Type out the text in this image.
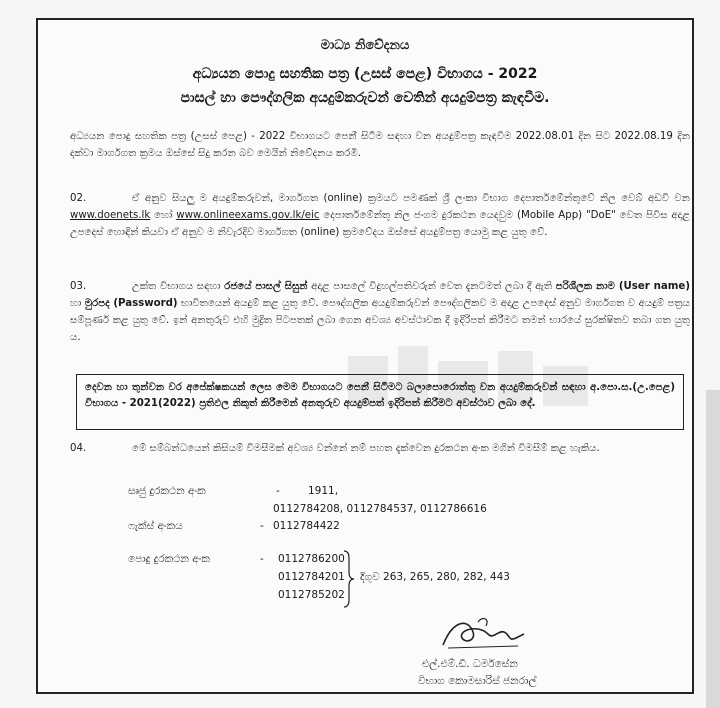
මාධ්‍ය නිවේදනය
අධ්‍යයන පොදු සහතික පත්‍ර (උසස් පෙළ) විභාගය - 2022
පාසල් හා පෞද්ගලික අයදුම්කරුවන් වෙතින් අයදුම්පත්‍ර කැඳවීම.
අධ්‍යයන පොදු සහතික පත්‍ර (උසස් පෙළ) - 2022 විභාගයට පෙනී සිටීම සඳහා වන අයදුම්පත්‍ර කැඳවීම 2022.08.01 දින සිට 2022.08.19 දින දක්වා මාර්ගගත ක්‍රමය ඔස්සේ සිදු කරන බව මෙයින් නිවේදනය කරමි.
02.	ඒ අනුව සියලු ම අයදුම්කරුවන්, මාර්ගගත (online) ක්‍රමයට පමණක් ශ්‍රී ලංකා විභාග දෙපාර්තමේන්තුවේ නිල වෙබ් අඩවි වන www.doenets.lk හෝ www.onlineexams.gov.lk/eic දෙපාර්තමේන්තු නිල ජංගම දුරකථන යෙදවුම (Mobile App) "DoE" වෙත පිවිස අදාළ උපදෙස් හොඳින් කියවා ඒ අනුව ම නිවැරදිව මාර්ගගත (online) ක්‍රමවේදය ඔස්සේ අයදුම්පත්‍ර යොමු කළ යුතු වේ.
03.	උක්ත විභාගය සඳහා රජයේ පාසල් සිසුන් අදාළ පාසලේ විදුහල්පතිවරුන් වෙත දැනටමත් ලබා දී ඇති පරිශීලක නාම (User name) හා මුරපද (Password) භාවිතයෙන් අයදුම් කළ යුතු වේ. පෞද්ගලික අයදුම්කරුවන් පෞද්ගලිකව ම අදාළ උපදෙස් අනුව මාර්ගගත ව අයදුම් පත්‍රය සම්පූර්ණ කළ යුතු වේ. ඉන් අනතුරුව එහි මුද්‍රිත පිටපතක් ලබා ගෙන අවශ්‍ය අවස්ථාවක දී ඉදිරිපත් කිරීමට තමන් භාරයේ සුරක්ෂිතව තබා ගත යුතු ය.
දෙවන හා තුන්වන වර අපේක්ෂකයන් ලෙස මෙම විභාගයට පෙනී සිටීමට බලාපොරොත්තු වන අයදුම්කරුවන් සඳහා අ.පො.ස.(උ.පෙළ) විභාගය - 2021(2022) ප්‍රතිඵල නිකුත් කිරීමෙන් අනතුරුව අයදුම්පත් ඉදිරිපත් කිරීමට අවස්ථාව ලබා දේ.
04.	මේ සම්බන්ධයෙන් කිසියම් විමසීමක් අවශ්‍ය වන්නේ නම් පහත දැක්වෙන දුරකථන අංක මගින් විමසීම් කළ හැකිය.
සෘජු දුරකථන අංක	-	1911,
0112784208, 0112784537, 0112786616
ෆැක්ස් අංකය	- 0112784422
පොදු දුරකථන අංක	- 0112786200
0112784201
0112785202
දිගුව 263, 265, 280, 282, 443
එල්.එම්.ඩී. ධර්මසේන
විභාග කොමසාරිස් ජනරාල්
